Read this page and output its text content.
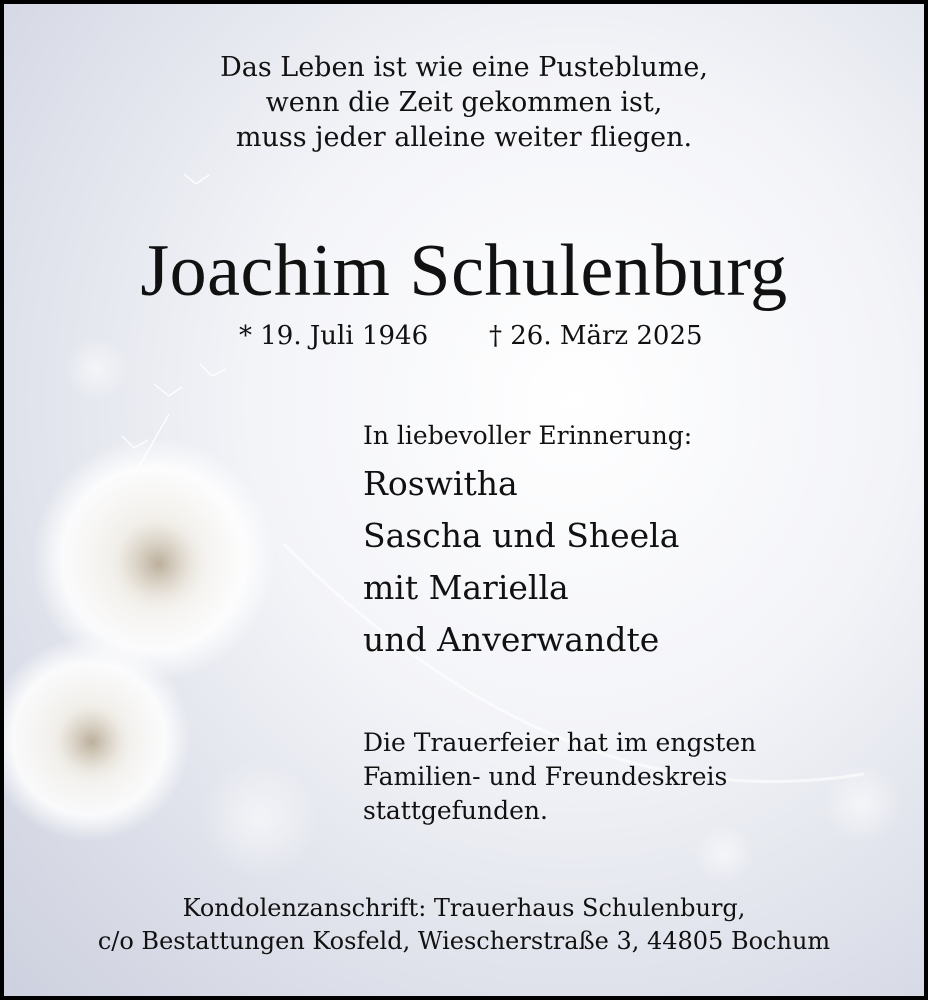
Das Leben ist wie eine Pusteblume,
wenn die Zeit gekommen ist,
muss jeder alleine weiter fliegen.
Joachim Schulenburg
* 19. Juli 1946 † 26. März 2025
In liebevoller Erinnerung:
Roswitha
Sascha und Sheela
mit Mariella
und Anverwandte
Die Trauerfeier hat im engsten
Familien- und Freundeskreis
stattgefunden.
Kondolenzanschrift: Trauerhaus Schulenburg,
c/o Bestattungen Kosfeld, Wiescherstraße 3, 44805 Bochum
